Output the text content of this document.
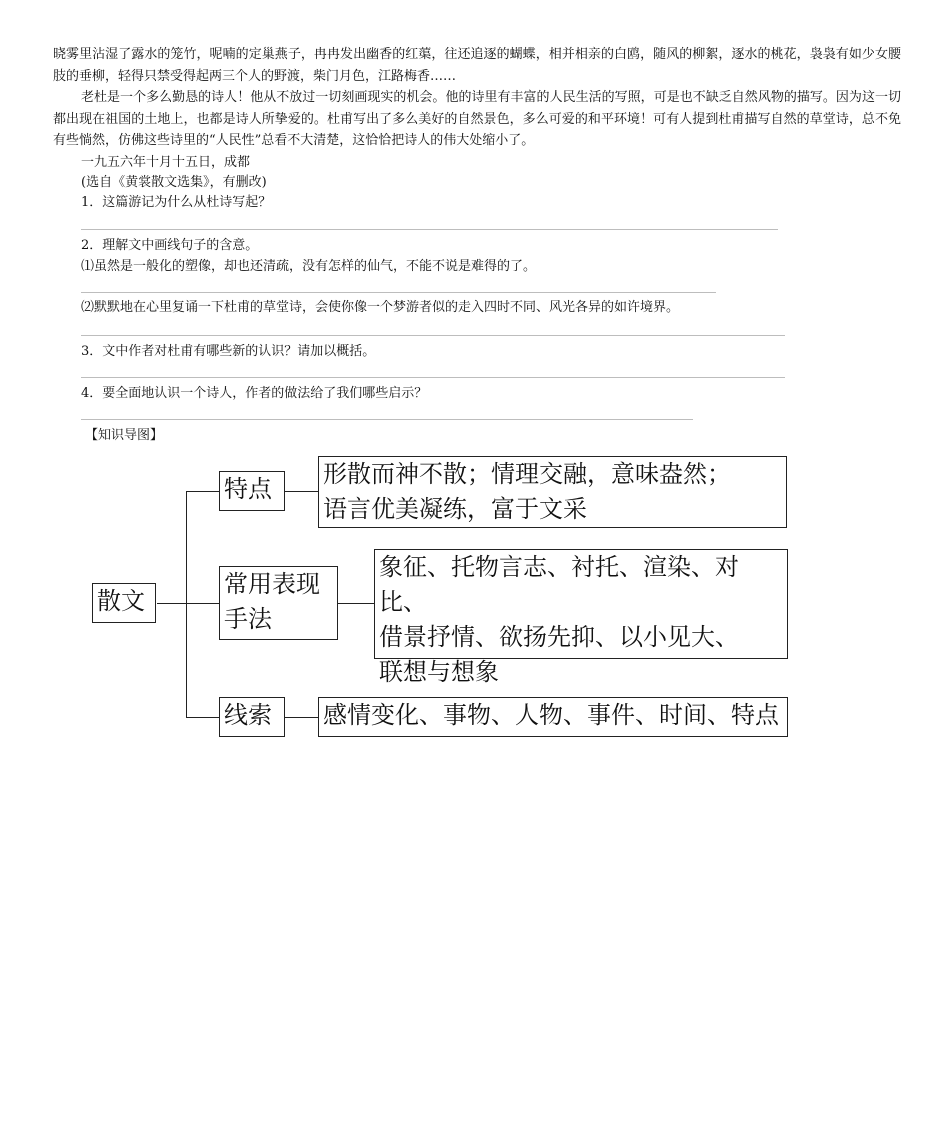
晓雾里沾湿了露水的笼竹，呢喃的定巢燕子，冉冉发出幽香的红蕖，往还追逐的蝴蝶，相并相亲的白鸥，随风的柳絮，逐水的桃花，袅袅有如少女腰肢的垂柳，轻得只禁受得起两三个人的野渡，柴门月色，江路梅香……

老杜是一个多么勤恳的诗人！他从不放过一切刻画现实的机会。他的诗里有丰富的人民生活的写照，可是也不缺乏自然风物的描写。因为这一切都出现在祖国的土地上，也都是诗人所挚爱的。杜甫写出了多么美好的自然景色，多么可爱的和平环境！可有人提到杜甫描写自然的草堂诗，总不免有些惝然，仿佛这些诗里的“人民性”总看不大清楚，这恰恰把诗人的伟大处缩小了。

一九五六年十月十五日，成都

(选自《黄裳散文选集》，有删改)

1．这篇游记为什么从杜诗写起？

2．理解文中画线句子的含意。

⑴虽然是一般化的塑像，却也还清疏，没有怎样的仙气，不能不说是难得的了。

⑵默默地在心里复诵一下杜甫的草堂诗，会使你像一个梦游者似的走入四时不同、风光各异的如许境界。

3．文中作者对杜甫有哪些新的认识？请加以概括。

4．要全面地认识一个诗人，作者的做法给了我们哪些启示？

【知识导图】

散文
特点
形散而神不散；情理交融，意味盎然；
语言优美凝练，富于文采
常用表现
手法
象征、托物言志、衬托、渲染、对比、
借景抒情、欲扬先抑、以小见大、
联想与想象
线索	感情变化、事物、人物、事件、时间、特点
